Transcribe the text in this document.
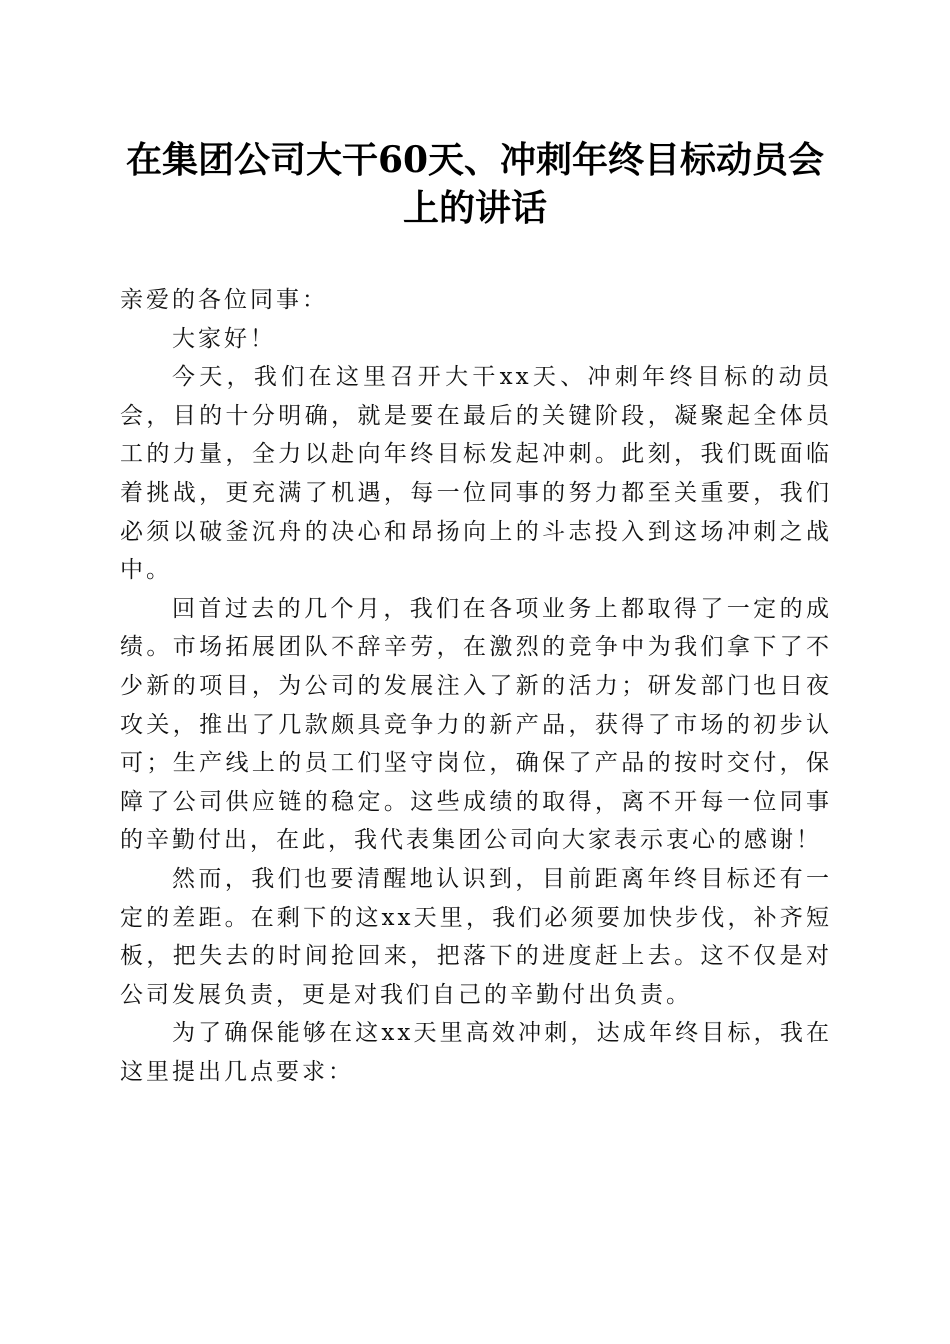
在集团公司大干60天、冲刺年终目标动员会
上的讲话

亲爱的各位同事：

大家好！

今天，我们在这里召开大干xx天、冲刺年终目标的动员会，目的十分明确，就是要在最后的关键阶段，凝聚起全体员工的力量，全力以赴向年终目标发起冲刺。此刻，我们既面临着挑战，更充满了机遇，每一位同事的努力都至关重要，我们必须以破釜沉舟的决心和昂扬向上的斗志投入到这场冲刺之战中。

回首过去的几个月，我们在各项业务上都取得了一定的成绩。市场拓展团队不辞辛劳，在激烈的竞争中为我们拿下了不少新的项目，为公司的发展注入了新的活力；研发部门也日夜攻关，推出了几款颇具竞争力的新产品，获得了市场的初步认可；生产线上的员工们坚守岗位，确保了产品的按时交付，保障了公司供应链的稳定。这些成绩的取得，离不开每一位同事的辛勤付出，在此，我代表集团公司向大家表示衷心的感谢！

然而，我们也要清醒地认识到，目前距离年终目标还有一定的差距。在剩下的这xx天里，我们必须要加快步伐，补齐短板，把失去的时间抢回来，把落下的进度赶上去。这不仅是对公司发展负责，更是对我们自己的辛勤付出负责。

为了确保能够在这xx天里高效冲刺，达成年终目标，我在这里提出几点要求：
